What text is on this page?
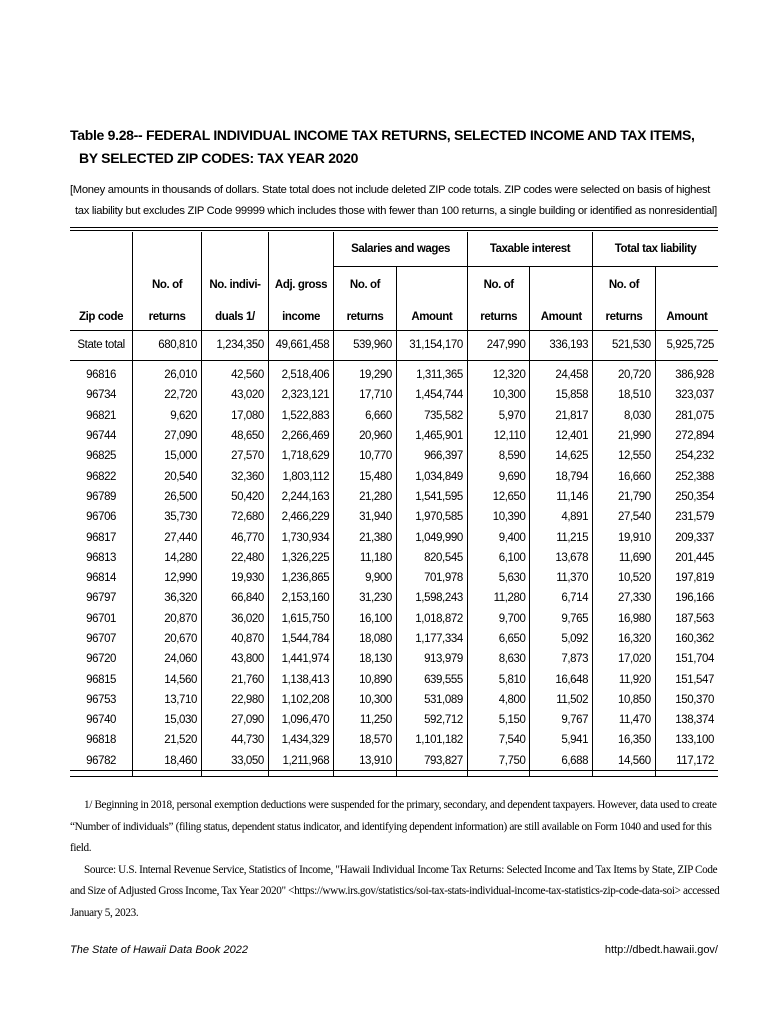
Table 9.28-- FEDERAL INDIVIDUAL INCOME TAX RETURNS, SELECTED INCOME AND TAX ITEMS,
BY SELECTED ZIP CODES: TAX YEAR 2020
[Money amounts in thousands of dollars. State total does not include deleted ZIP code totals. ZIP codes were selected on basis of highest
tax liability but excludes ZIP Code 99999 which includes those with fewer than 100 returns, a single building or identified as nonresidential]
				Salaries and wages		Taxable interest		Total tax liability	
	No. of	No. indivi-	Adj. gross	No. of		No. of		No. of	
Zip code	returns	duals 1/	income	returns	Amount	returns	Amount	returns	Amount
State total	680,810	1,234,350	49,661,458	539,960	31,154,170	247,990	336,193	521,530	5,925,725

96816	26,010	42,560	2,518,406	19,290	1,311,365	12,320	24,458	20,720	386,928
96734	22,720	43,020	2,323,121	17,710	1,454,744	10,300	15,858	18,510	323,037
96821	9,620	17,080	1,522,883	6,660	735,582	5,970	21,817	8,030	281,075
96744	27,090	48,650	2,266,469	20,960	1,465,901	12,110	12,401	21,990	272,894
96825	15,000	27,570	1,718,629	10,770	966,397	8,590	14,625	12,550	254,232
96822	20,540	32,360	1,803,112	15,480	1,034,849	9,690	18,794	16,660	252,388
96789	26,500	50,420	2,244,163	21,280	1,541,595	12,650	11,146	21,790	250,354
96706	35,730	72,680	2,466,229	31,940	1,970,585	10,390	4,891	27,540	231,579
96817	27,440	46,770	1,730,934	21,380	1,049,990	9,400	11,215	19,910	209,337
96813	14,280	22,480	1,326,225	11,180	820,545	6,100	13,678	11,690	201,445
96814	12,990	19,930	1,236,865	9,900	701,978	5,630	11,370	10,520	197,819
96797	36,320	66,840	2,153,160	31,230	1,598,243	11,280	6,714	27,330	196,166
96701	20,870	36,020	1,615,750	16,100	1,018,872	9,700	9,765	16,980	187,563
96707	20,670	40,870	1,544,784	18,080	1,177,334	6,650	5,092	16,320	160,362
96720	24,060	43,800	1,441,974	18,130	913,979	8,630	7,873	17,020	151,704
96815	14,560	21,760	1,138,413	10,890	639,555	5,810	16,648	11,920	151,547
96753	13,710	22,980	1,102,208	10,300	531,089	4,800	11,502	10,850	150,370
96740	15,030	27,090	1,096,470	11,250	592,712	5,150	9,767	11,470	138,374
96818	21,520	44,730	1,434,329	18,570	1,101,182	7,540	5,941	16,350	133,100
96782	18,460	33,050	1,211,968	13,910	793,827	7,750	6,688	14,560	117,172

1/ Beginning in 2018, personal exemption deductions were suspended for the primary, secondary, and dependent taxpayers. However, data used to create “Number of individuals” (filing status, dependent status indicator, and identifying dependent information) are still available on Form 1040 and used for this field.
Source: U.S. Internal Revenue Service, Statistics of Income, "Hawaii Individual Income Tax Returns: Selected Income and Tax Items by State, ZIP Code and Size of Adjusted Gross Income, Tax Year 2020" <https://www.irs.gov/statistics/soi-tax-stats-individual-income-tax-statistics-zip-code-data-soi> accessed January 5, 2023.
The State of Hawaii Data Book 2022	http://dbedt.hawaii.gov/
